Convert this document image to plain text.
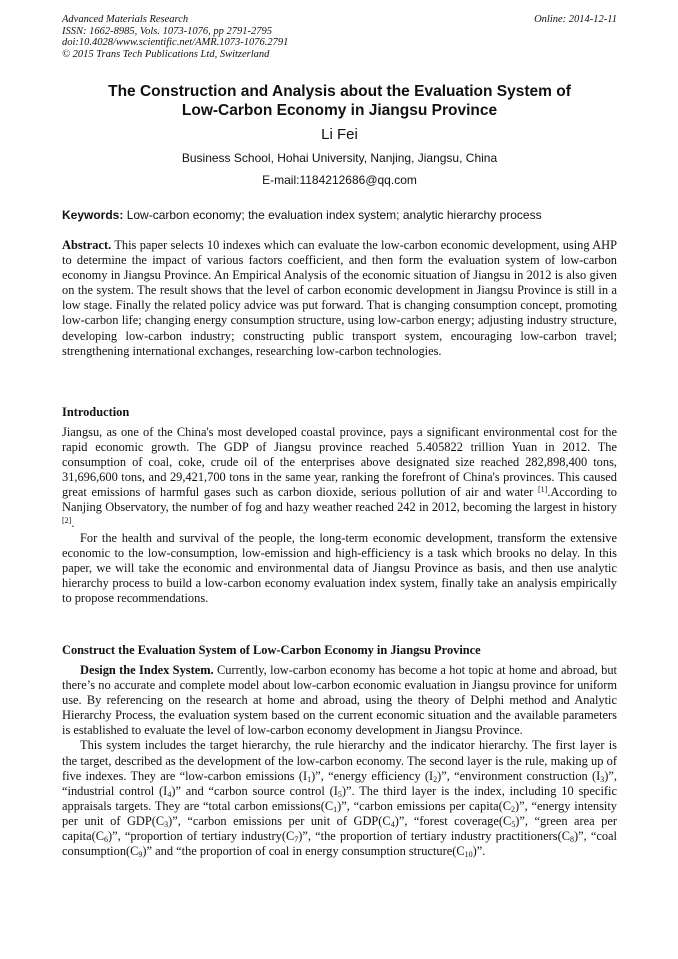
Advanced Materials Research
ISSN: 1662-8985, Vols. 1073-1076, pp 2791-2795
doi:10.4028/www.scientific.net/AMR.1073-1076.2791
© 2015 Trans Tech Publications Ltd, Switzerland
Online: 2014-12-11
The Construction and Analysis about the Evaluation System of
Low-Carbon Economy in Jiangsu Province
Li Fei
Business School, Hohai University, Nanjing, Jiangsu, China
E-mail:1184212686@qq.com
Keywords: Low-carbon economy; the evaluation index system; analytic hierarchy process

Abstract. This paper selects 10 indexes which can evaluate the low-carbon economic development, using AHP to determine the impact of various factors coefficient, and then form the evaluation system of low-carbon economy in Jiangsu Province. An Empirical Analysis of the economic situation of Jiangsu in 2012 is also given on the system. The result shows that the level of carbon economic development in Jiangsu Province is still in a low stage. Finally the related policy advice was put forward. That is changing consumption concept, promoting low-carbon life; changing energy consumption structure, using low-carbon energy; adjusting industry structure, developing low-carbon industry; constructing public transport system, encouraging low-carbon travel; strengthening international exchanges, researching low-carbon technologies.

Introduction

Jiangsu, as one of the China's most developed coastal province, pays a significant environmental cost for the rapid economic growth. The GDP of Jiangsu province reached 5.405822 trillion Yuan in 2012. The consumption of coal, coke, crude oil of the enterprises above designated size reached 282,898,400 tons, 31,696,600 tons, and 29,421,700 tons in the same year, ranking the forefront of China's provinces. This caused great emissions of harmful gases such as carbon dioxide, serious pollution of air and water [1].According to Nanjing Observatory, the number of fog and hazy weather reached 242 in 2012, becoming the largest in history [2].

For the health and survival of the people, the long-term economic development, transform the extensive economic to the low-consumption, low-emission and high-efficiency is a task which brooks no delay. In this paper, we will take the economic and environmental data of Jiangsu Province as basis, and then use analytic hierarchy process to build a low-carbon economy evaluation index system, finally take an analysis empirically to propose recommendations.

Construct the Evaluation System of Low-Carbon Economy in Jiangsu Province

Design the Index System. Currently, low-carbon economy has become a hot topic at home and abroad, but there’s no accurate and complete model about low-carbon economic evaluation in Jiangsu province for uniform use. By referencing on the research at home and abroad, using the theory of Delphi method and Analytic Hierarchy Process, the evaluation system based on the current economic situation and the available parameters is established to evaluate the level of low-carbon economy development in Jiangsu Province.

This system includes the target hierarchy, the rule hierarchy and the indicator hierarchy. The first layer is the target, described as the development of the low-carbon economy. The second layer is the rule, making up of five indexes. They are “low-carbon emissions $(I_1)$”, “energy efficiency $(I_2)$”, “environment construction $(I_3)$”, “industrial control $(I_4)$” and “carbon source control $(I_5)$”. The third layer is the index, including 10 specific appraisals targets. They are “total carbon $emissions(C_1)$”, “carbon emissions per $capita(C_2)$”, “energy intensity per unit of $GDP(C_3)$”, “carbon emissions per unit of $GDP(C_4)$”, “forest $coverage(C_5)$”, “green area per $capita(C_6)$”, “proportion of tertiary $industry(C_7)$”, “the proportion of tertiary industry $practitioners(C_8)$”, “coal $consumption(C_9)$” and “the proportion of coal in energy consumption $structure(C_{10})$”.
